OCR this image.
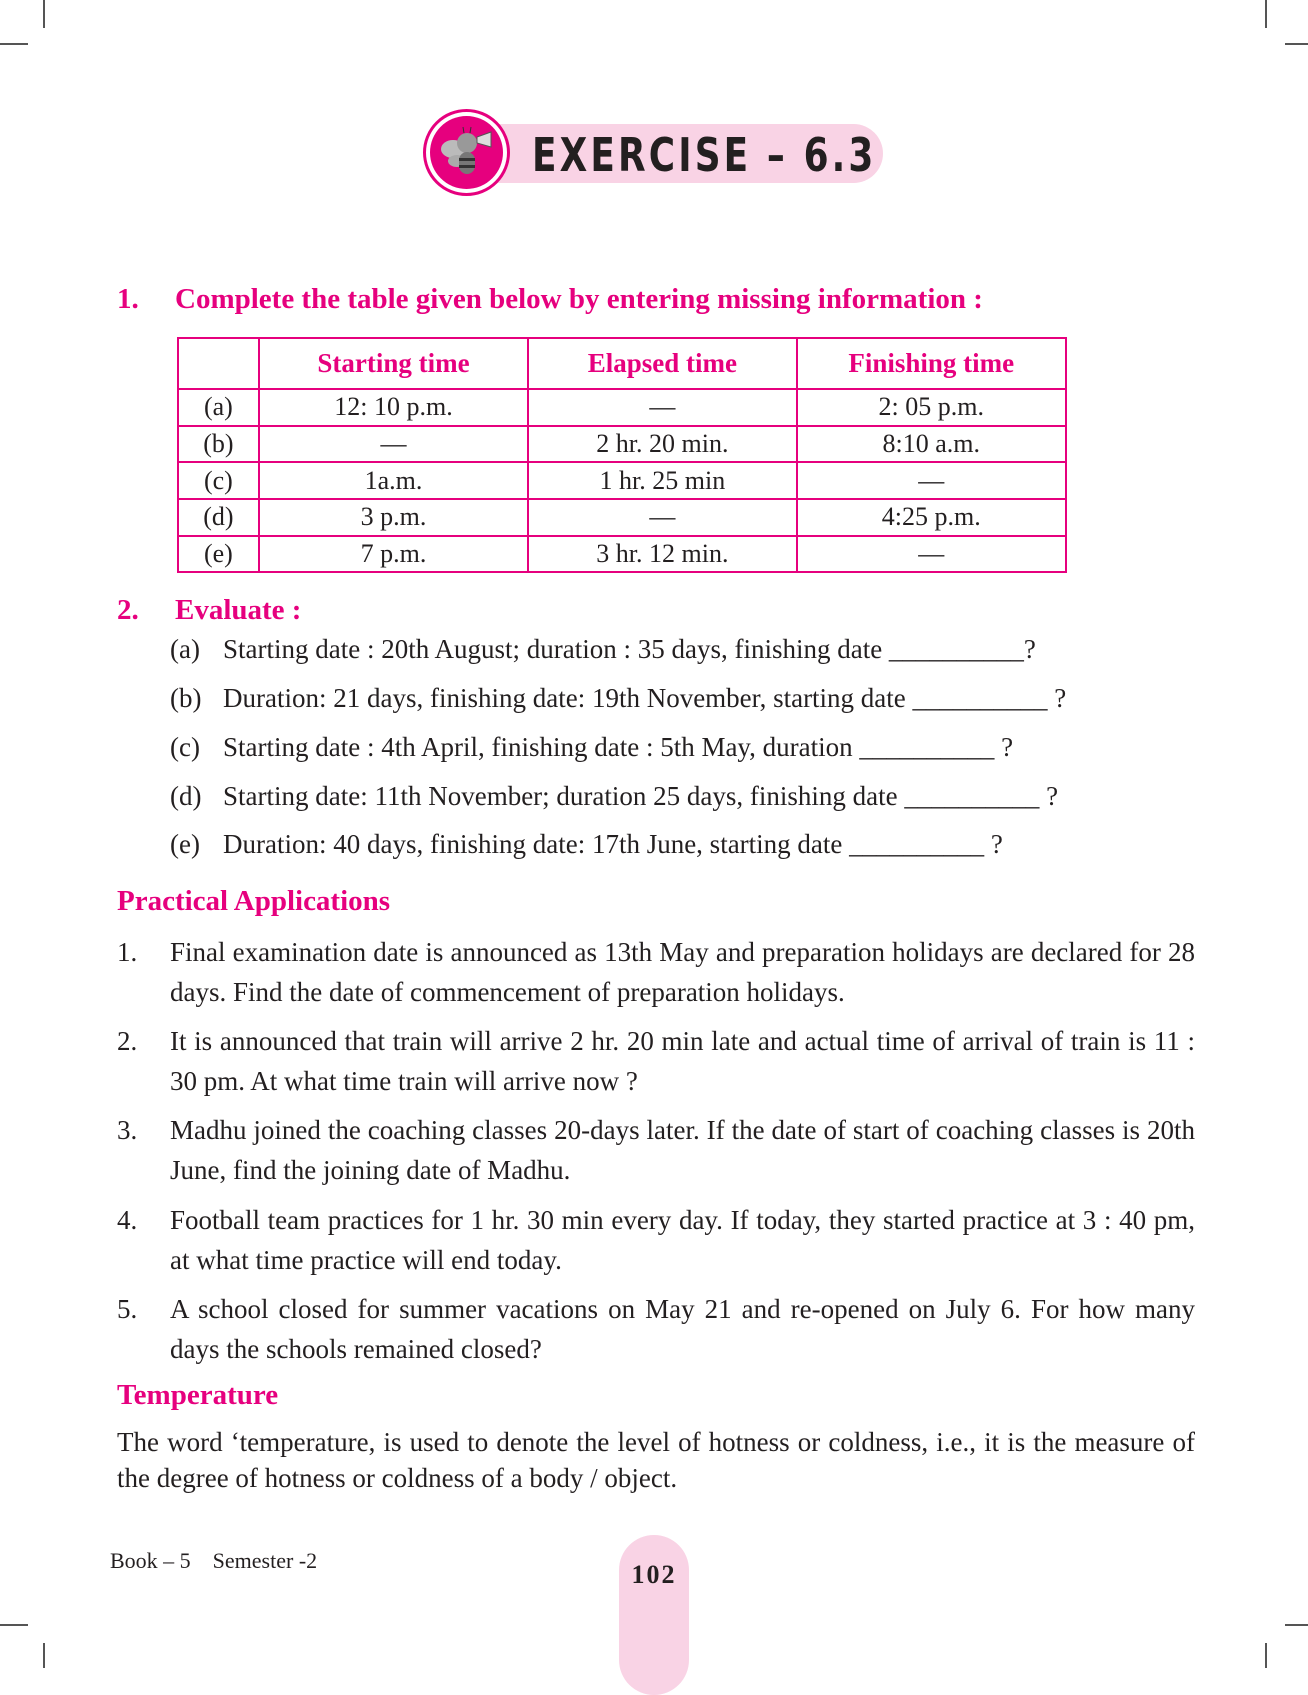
EXERCISE – 6.3
1. Complete the table given below by entering missing information :
	Starting time	Elapsed time	Finishing time
(a)	12: 10 p.m.	—	2: 05 p.m.
(b)	—	2 hr. 20 min.	8:10 a.m.
(c)	1a.m.	1 hr. 25 min	—
(d)	3 p.m.	—	4:25 p.m.
(e)	7 p.m.	3 hr. 12 min.	—
2. Evaluate :
(a) Starting date : 20th August; duration : 35 days, finishing date __________?
(b) Duration: 21 days, finishing date: 19th November, starting date __________ ?
(c) Starting date : 4th April, finishing date : 5th May, duration __________ ?
(d) Starting date: 11th November; duration 25 days, finishing date __________ ?
(e) Duration: 40 days, finishing date: 17th June, starting date __________ ?
Practical Applications
1. Final examination date is announced as 13th May and preparation holidays are declared for 28 days. Find the date of commencement of preparation holidays.
2. It is announced that train will arrive 2 hr. 20 min late and actual time of arrival of train is 11 : 30 pm. At what time train will arrive now ?
3. Madhu joined the coaching classes 20-days later. If the date of start of coaching classes is 20th June, find the joining date of Madhu.
4. Football team practices for 1 hr. 30 min every day. If today, they started practice at 3 : 40 pm, at what time practice will end today.
5. A school closed for summer vacations on May 21 and re-opened on July 6. For how many days the schools remained closed?
Temperature
The word ‘temperature, is used to denote the level of hotness or coldness, i.e., it is the measure of the degree of hotness or coldness of a body / object.
Book – 5    Semester -2	102
